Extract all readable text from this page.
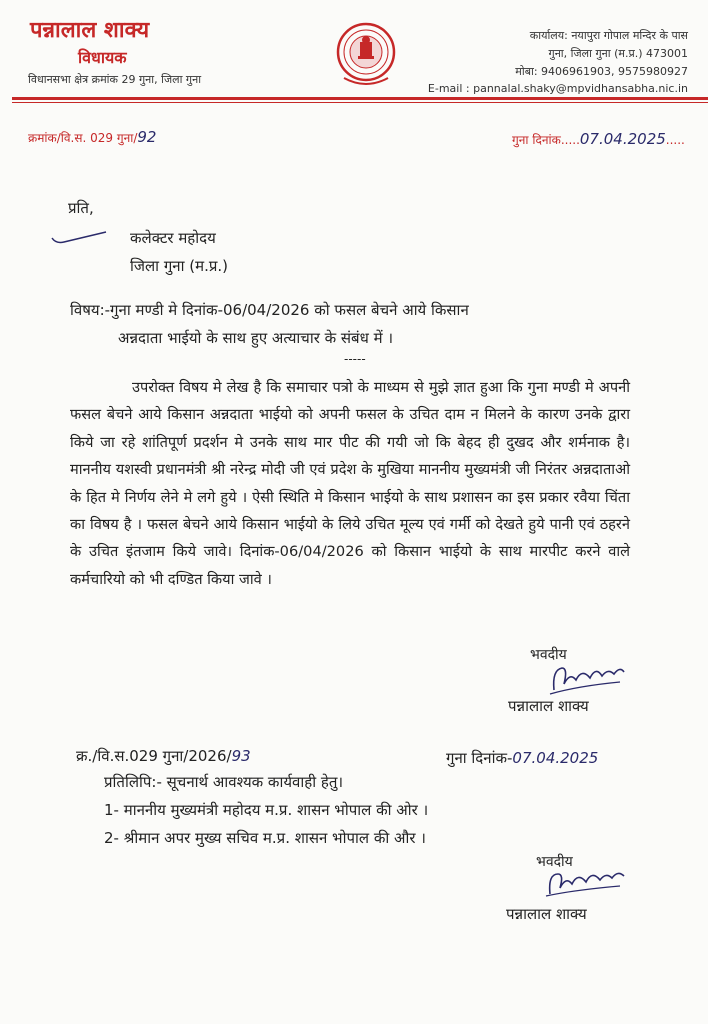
पन्नालाल शाक्य
विधायक
विधानसभा क्षेत्र क्रमांक 29 गुना, जिला गुना
कार्यालय: नयापुरा गोपाल मन्दिर के पास
गुना, जिला गुना (म.प्र.) 473001
मोबा: 9406961903, 9575980927
E-mail : pannalal.shaky@mpvidhansabha.nic.in
क्रमांक/वि.स. 029 गुना/92	गुना दिनांक.....07.04.2025.....
प्रति,
कलेक्टर महोदय
जिला गुना (म.प्र.)
विषय:-गुना मण्डी मे दिनांक-06/04/2026 को फसल बेचने आये किसान
अन्नदाता भाईयो के साथ हुए अत्याचार के संबंध में ।
-----
उपरोक्त विषय मे लेख है कि समाचार पत्रो के माध्यम से मुझे ज्ञात हुआ कि गुना मण्डी मे अपनी फसल बेचने आये किसान अन्नदाता भाईयो को अपनी फसल के उचित दाम न मिलने के कारण उनके द्वारा किये जा रहे शांतिपूर्ण प्रदर्शन मे उनके साथ मार पीट की गयी जो कि बेहद ही दुखद और शर्मनाक है। माननीय यशस्वी प्रधानमंत्री श्री नरेन्द्र मोदी जी एवं प्रदेश के मुखिया माननीय मुख्यमंत्री जी निरंतर अन्नदाताओ के हित मे निर्णय लेने मे लगे हुये । ऐसी स्थिति मे किसान भाईयो के साथ प्रशासन का इस प्रकार रवैया चिंता का विषय है । फसल बेचने आये किसान भाईयो के लिये उचित मूल्य एवं गर्मी को देखते हुये पानी एवं ठहरने के उचित इंतजाम किये जावे। दिनांक-06/04/2026 को किसान भाईयो के साथ मारपीट करने वाले कर्मचारियो को भी दण्डित किया जावे ।
भवदीय
पन्नालाल शाक्य
क्र./वि.स.029 गुना/2026/93	गुना दिनांक-07.04.2025
प्रतिलिपि:- सूचनार्थ आवश्यक कार्यवाही हेतु।
1- माननीय मुख्यमंत्री महोदय म.प्र. शासन भोपाल की ओर ।
2- श्रीमान अपर मुख्य सचिव म.प्र. शासन भोपाल की और ।
भवदीय
पन्नालाल शाक्य
